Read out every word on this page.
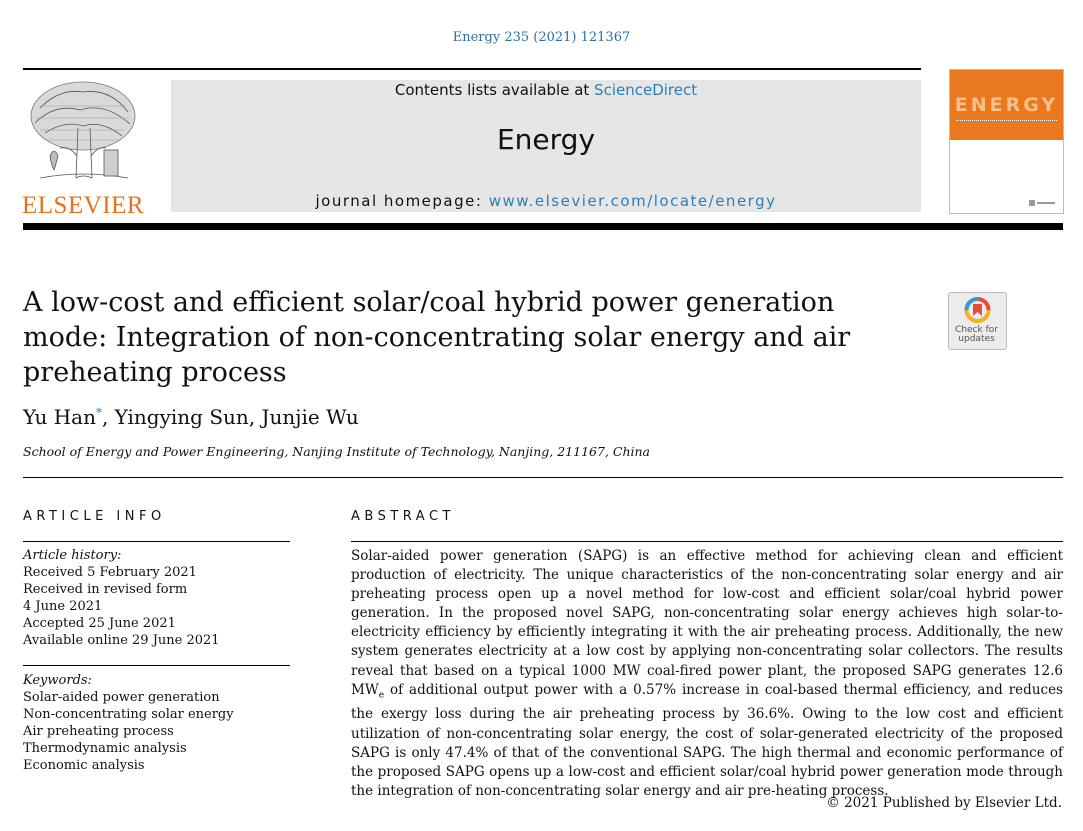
Energy 235 (2021) 121367
ELSEVIER
Contents lists available at ScienceDirect
Energy
journal homepage: www.elsevier.com/locate/energy
ENERGY
A low-cost and efficient solar/coal hybrid power generation mode: Integration of non-concentrating solar energy and air preheating process
Check for
updates
Yu Han*, Yingying Sun, Junjie Wu
School of Energy and Power Engineering, Nanjing Institute of Technology, Nanjing, 211167, China
ARTICLE INFO
Article history:
Received 5 February 2021
Received in revised form
4 June 2021
Accepted 25 June 2021
Available online 29 June 2021
Keywords:
Solar-aided power generation
Non-concentrating solar energy
Air preheating process
Thermodynamic analysis
Economic analysis
ABSTRACT
Solar-aided power generation (SAPG) is an effective method for achieving clean and efficient production of electricity. The unique characteristics of the non-concentrating solar energy and air preheating process open up a novel method for low-cost and efficient solar/coal hybrid power generation. In the proposed novel SAPG, non-concentrating solar energy achieves high solar-to-electricity efficiency by efficiently integrating it with the air preheating process. Additionally, the new system generates electricity at a low cost by applying non-concentrating solar collectors. The results reveal that based on a typical 1000 MW coal-fired power plant, the proposed SAPG generates 12.6 $MW_e$ of additional output power with a 0.57% increase in coal-based thermal efficiency, and reduces the exergy loss during the air preheating process by 36.6%. Owing to the low cost and efficient utilization of non-concentrating solar energy, the cost of solar-generated electricity of the proposed SAPG is only 47.4% of that of the conventional SAPG. The high thermal and economic performance of the proposed SAPG opens up a low-cost and efficient solar/coal hybrid power generation mode through the integration of non-concentrating solar energy and air pre-heating process.
© 2021 Published by Elsevier Ltd.
